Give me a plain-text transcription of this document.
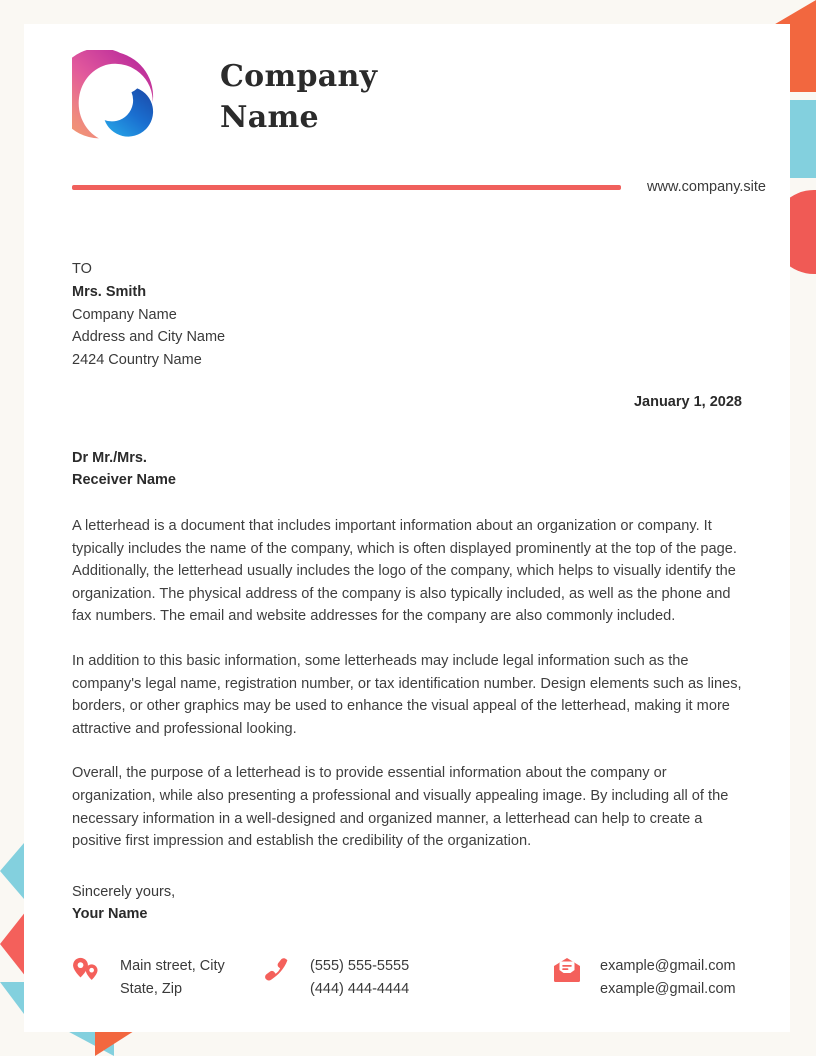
Company
Name
www.company.site
TO
Mrs. Smith
Company Name
Address and City Name
2424 Country Name
January 1, 2028
Dr Mr./Mrs.
Receiver Name

A letterhead is a document that includes important information about an organization or company. It typically includes the name of the company, which is often displayed prominently at the top of the page. Additionally, the letterhead usually includes the logo of the company, which helps to visually identify the organization. The physical address of the company is also typically included, as well as the phone and fax numbers. The email and website addresses for the company are also commonly included.

In addition to this basic information, some letterheads may include legal information such as the company's legal name, registration number, or tax identification number. Design elements such as lines, borders, or other graphics may be used to enhance the visual appeal of the letterhead, making it more attractive and professional looking.

Overall, the purpose of a letterhead is to provide essential information about the company or organization, while also presenting a professional and visually appealing image. By including all of the necessary information in a well-designed and organized manner, a letterhead can help to create a positive first impression and establish the credibility of the organization.

Sincerely yours,
Your Name
Main street, City
State, Zip
(555) 555-5555
(444) 444-4444
example@gmail.com
example@gmail.com
